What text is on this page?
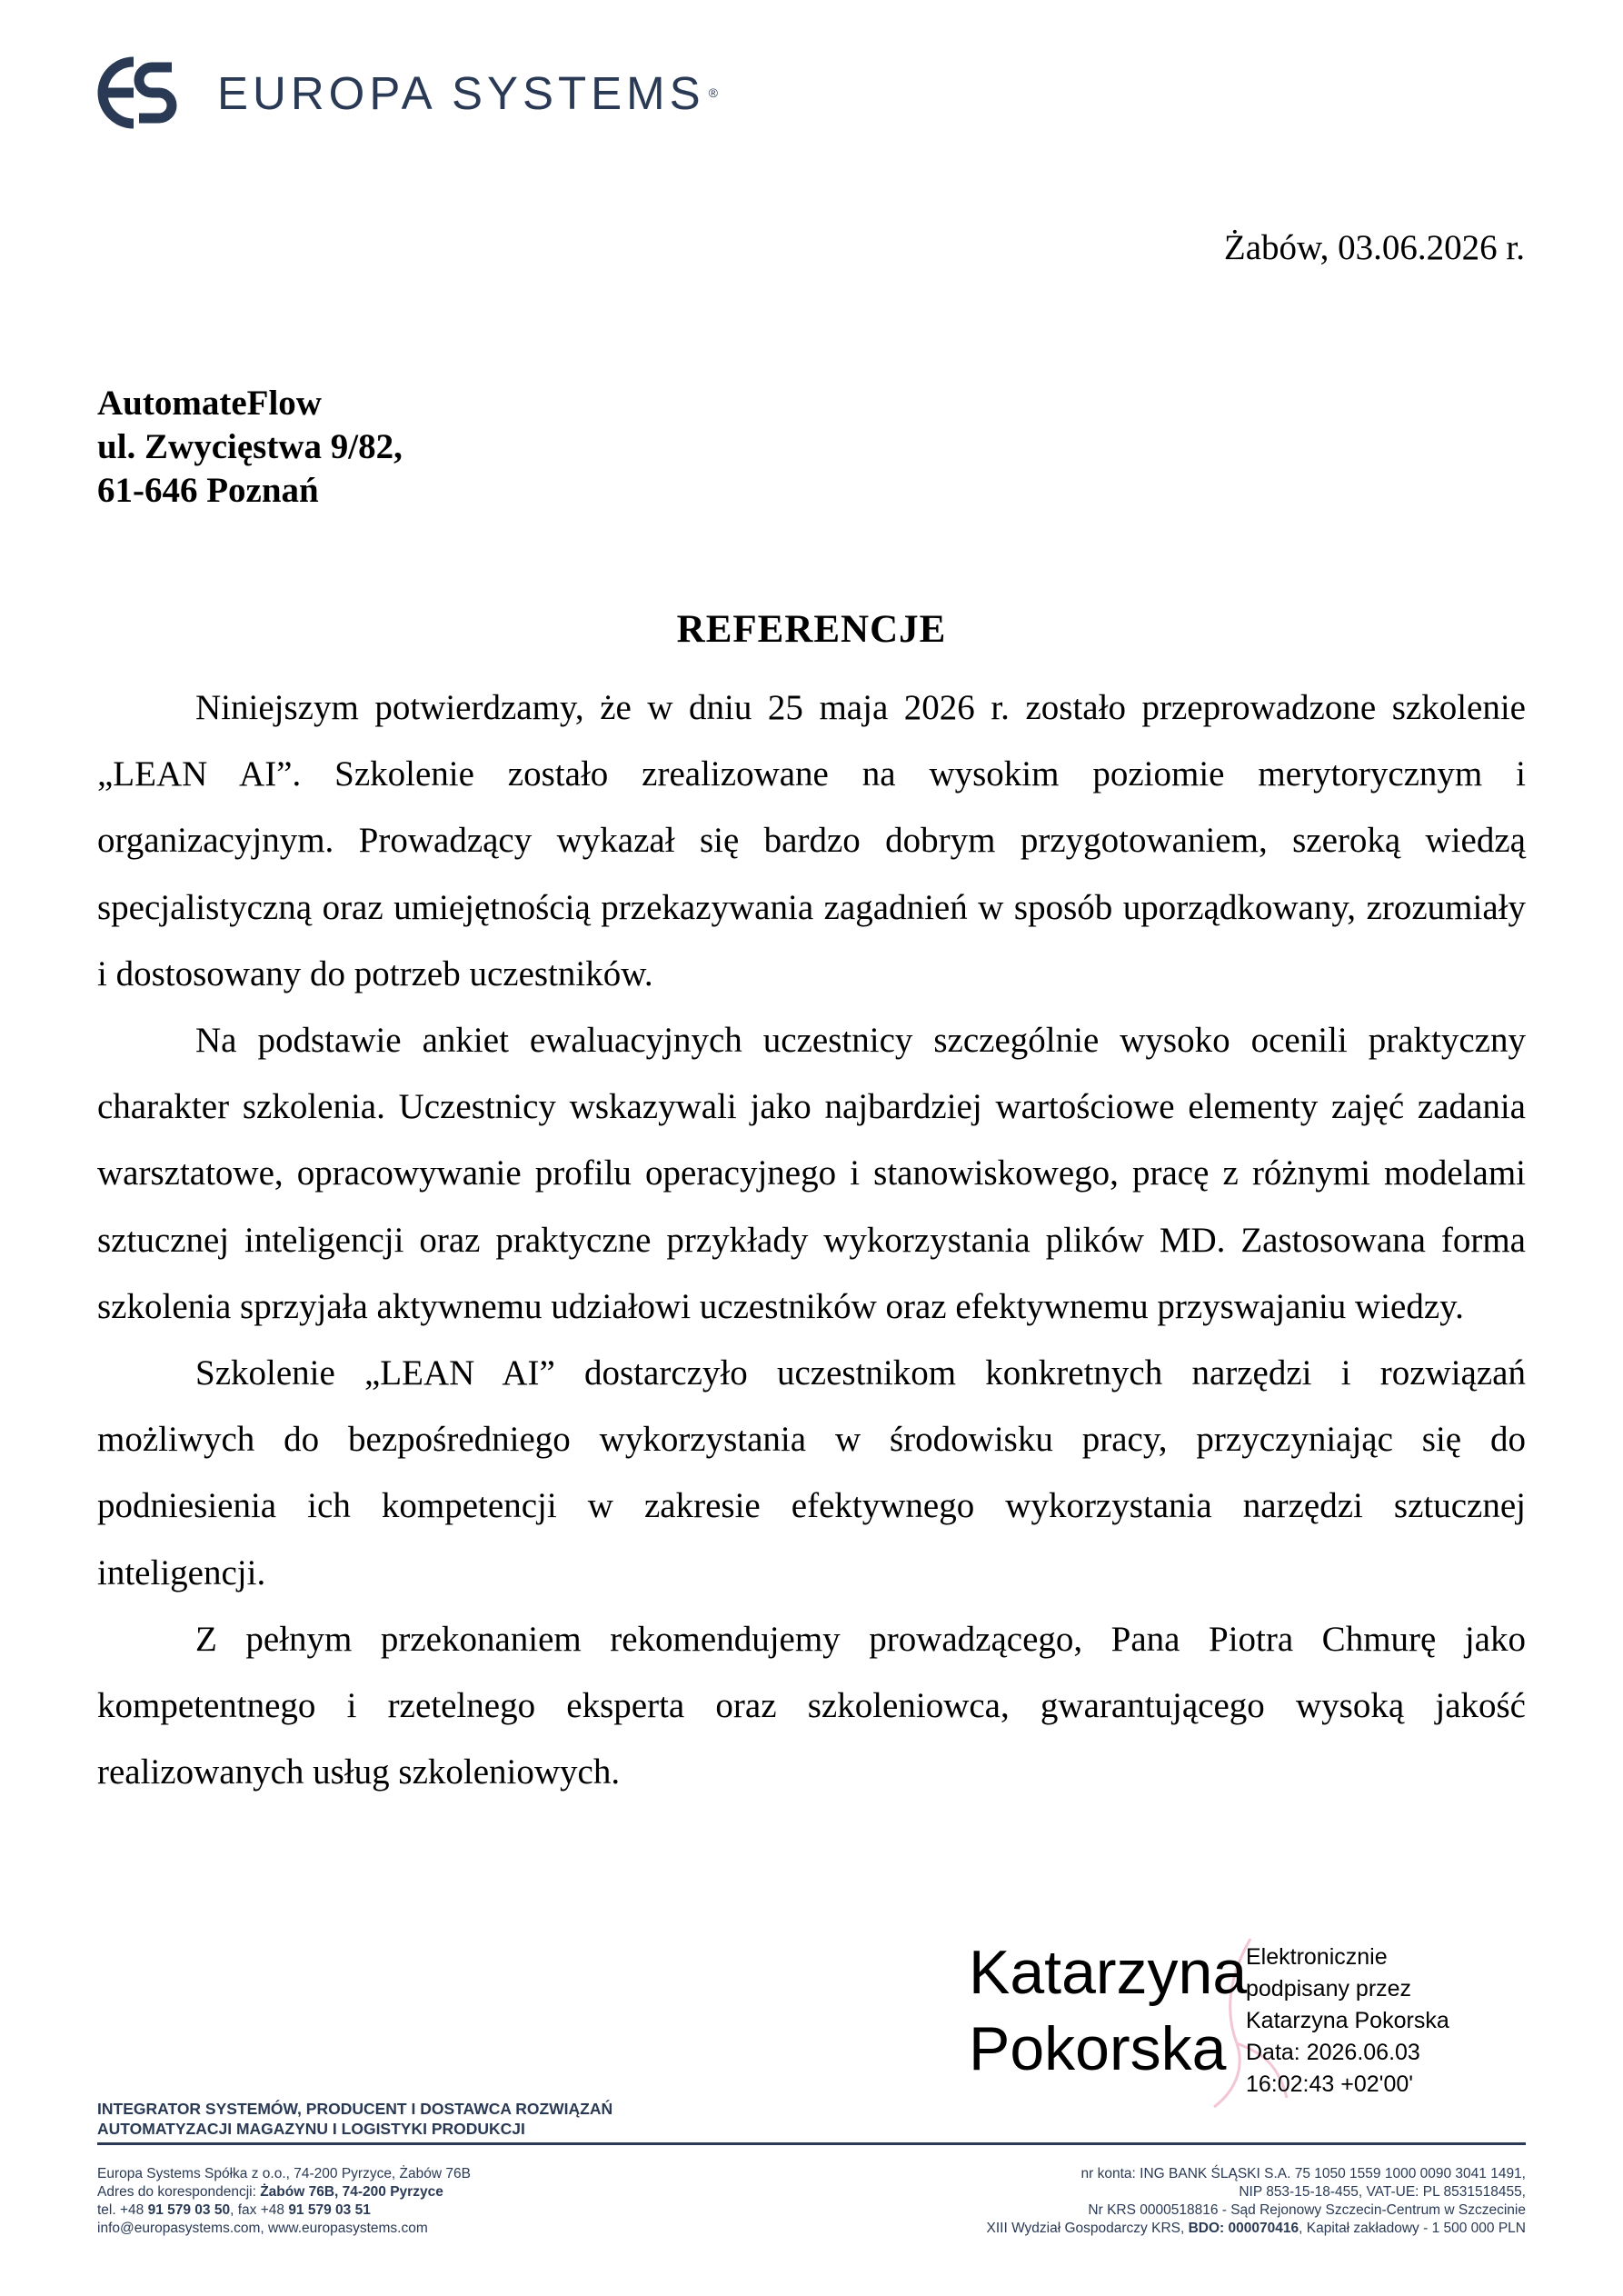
EUROPA SYSTEMS ®
Żabów, 03.06.2026 r.
AutomateFlow
ul. Zwycięstwa 9/82,
61-646 Poznań
REFERENCJE

Niniejszym potwierdzamy, że w dniu 25 maja 2026 r. zostało przeprowadzone szkolenie „LEAN AI”. Szkolenie zostało zrealizowane na wysokim poziomie merytorycznym i organizacyjnym. Prowadzący wykazał się bardzo dobrym przygotowaniem, szeroką wiedzą specjalistyczną oraz umiejętnością przekazywania zagadnień w sposób uporządkowany, zrozumiały i dostosowany do potrzeb uczestników.

Na podstawie ankiet ewaluacyjnych uczestnicy szczególnie wysoko ocenili praktyczny charakter szkolenia. Uczestnicy wskazywali jako najbardziej wartościowe elementy zajęć zadania warsztatowe, opracowywanie profilu operacyjnego i stanowiskowego, pracę z różnymi modelami sztucznej inteligencji oraz praktyczne przykłady wykorzystania plików MD. Zastosowana forma szkolenia sprzyjała aktywnemu udziałowi uczestników oraz efektywnemu przyswajaniu wiedzy.

Szkolenie „LEAN AI” dostarczyło uczestnikom konkretnych narzędzi i rozwiązań możliwych do bezpośredniego wykorzystania w środowisku pracy, przyczyniając się do podniesienia ich kompetencji w zakresie efektywnego wykorzystania narzędzi sztucznej inteligencji.

Z pełnym przekonaniem rekomendujemy prowadzącego, Pana Piotra Chmurę jako kompetentnego i rzetelnego eksperta oraz szkoleniowca, gwarantującego wysoką jakość realizowanych usług szkoleniowych.

Katarzyna
Pokorska
Elektronicznie
podpisany przez
Katarzyna Pokorska
Data: 2026.06.03
16:02:43 +02'00'
INTEGRATOR SYSTEMÓW, PRODUCENT I DOSTAWCA ROZWIĄZAŃ
AUTOMATYZACJI MAGAZYNU I LOGISTYKI PRODUKCJI
Europa Systems Spółka z o.o., 74-200 Pyrzyce, Żabów 76B
Adres do korespondencji: Żabów 76B, 74-200 Pyrzyce
tel. +48 91 579 03 50, fax +48 91 579 03 51
info@europasystems.com, www.europasystems.com
nr konta: ING BANK ŚLĄSKI S.A. 75 1050 1559 1000 0090 3041 1491,
NIP 853-15-18-455, VAT-UE: PL 8531518455,
Nr KRS 0000518816 - Sąd Rejonowy Szczecin-Centrum w Szczecinie
XIII Wydział Gospodarczy KRS, BDO: 000070416, Kapitał zakładowy - 1 500 000 PLN
